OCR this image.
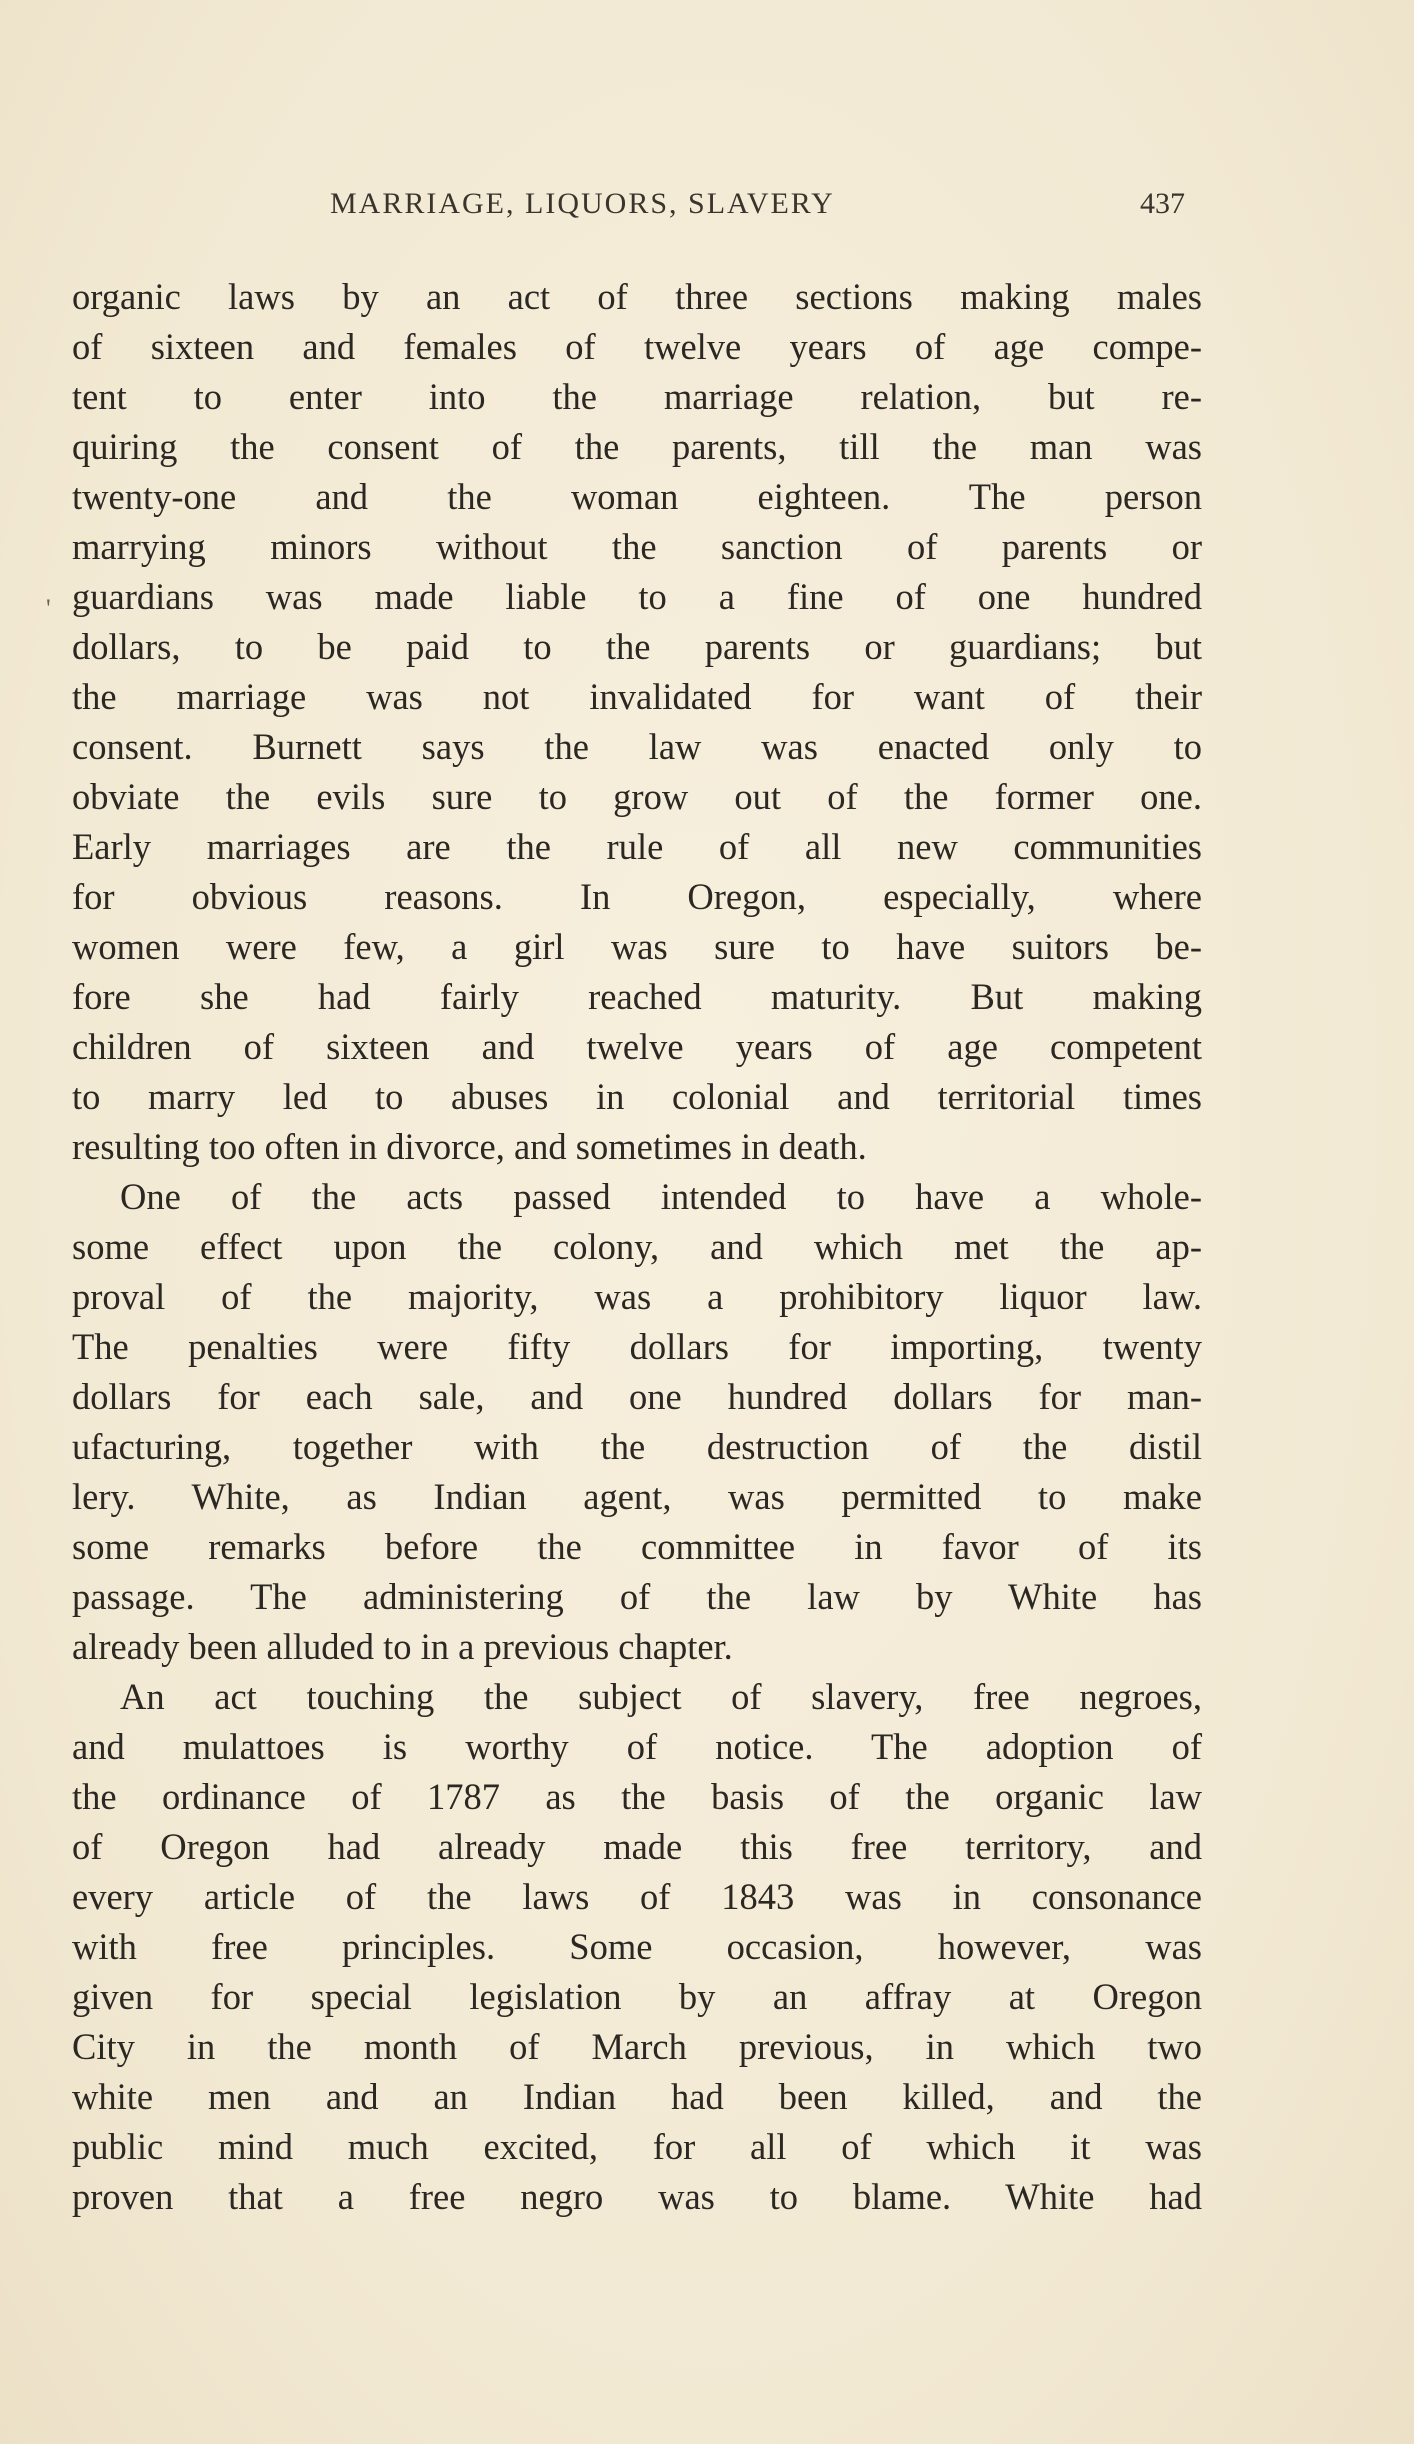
MARRIAGE, LIQUORS, SLAVERY	437
'
organic laws by an act of three sections making males
of sixteen and females of twelve years of age compe-
tent to enter into the marriage relation, but re-
quiring the consent of the parents, till the man was
twenty-one and the woman eighteen. The person
marrying minors without the sanction of parents or
guardians was made liable to a fine of one hundred
dollars, to be paid to the parents or guardians; but
the marriage was not invalidated for want of their
consent. Burnett says the law was enacted only to
obviate the evils sure to grow out of the former one.
Early marriages are the rule of all new communities
for obvious reasons. In Oregon, especially, where
women were few, a girl was sure to have suitors be-
fore she had fairly reached maturity. But making
children of sixteen and twelve years of age competent
to marry led to abuses in colonial and territorial times
resulting too often in divorce, and sometimes in death.
One of the acts passed intended to have a whole-
some effect upon the colony, and which met the ap-
proval of the majority, was a prohibitory liquor law.
The penalties were fifty dollars for importing, twenty
dollars for each sale, and one hundred dollars for man-
ufacturing, together with the destruction of the distil
lery. White, as Indian agent, was permitted to make
some remarks before the committee in favor of its
passage. The administering of the law by White has
already been alluded to in a previous chapter.
An act touching the subject of slavery, free negroes,
and mulattoes is worthy of notice. The adoption of
the ordinance of 1787 as the basis of the organic law
of Oregon had already made this free territory, and
every article of the laws of 1843 was in consonance
with free principles. Some occasion, however, was
given for special legislation by an affray at Oregon
City in the month of March previous, in which two
white men and an Indian had been killed, and the
public mind much excited, for all of which it was
proven that a free negro was to blame. White had
